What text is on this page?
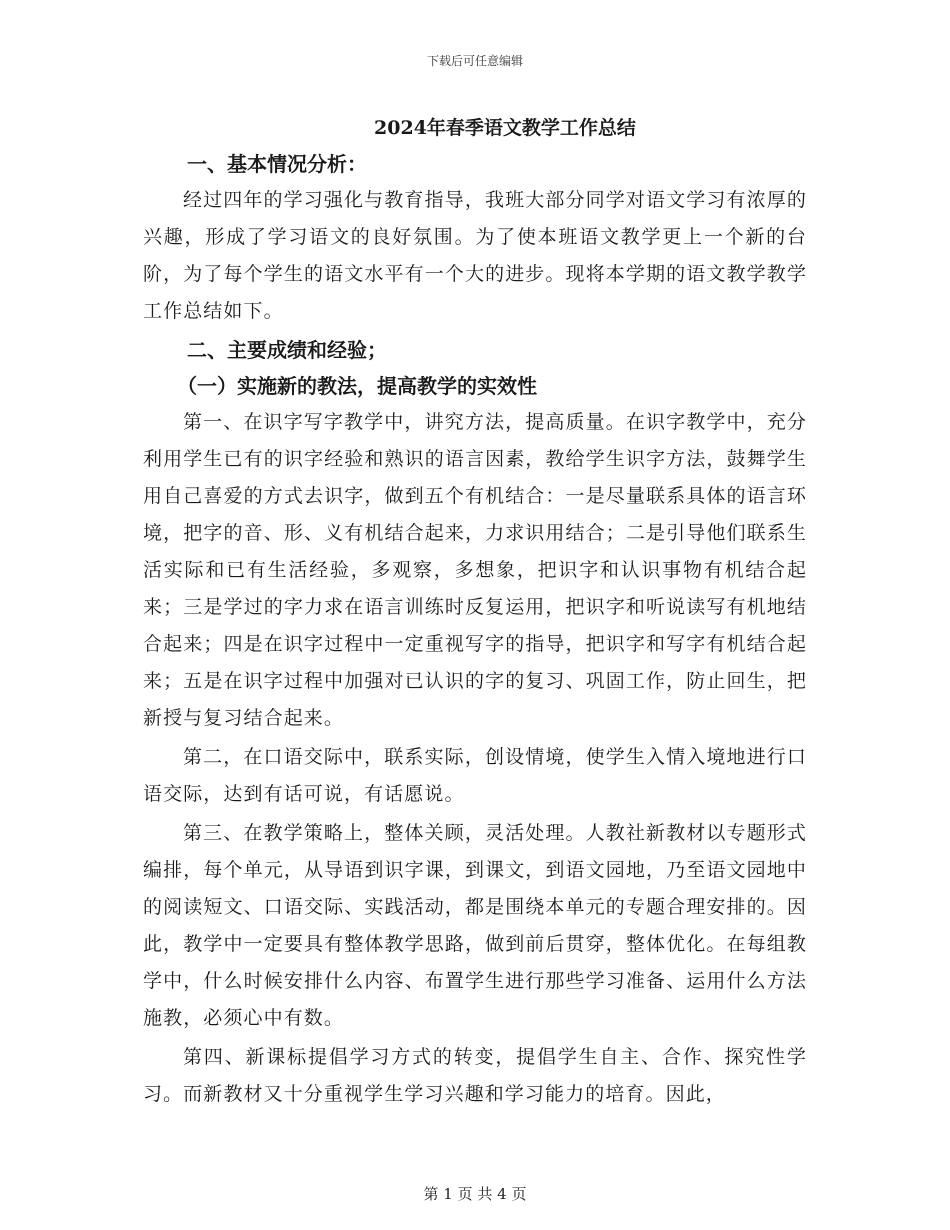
下载后可任意编辑
2024年春季语文教学工作总结
一、基本情况分析：

经过四年的学习强化与教育指导，我班大部分同学对语文学习有浓厚的兴趣，形成了学习语文的良好氛围。为了使本班语文教学更上一个新的台阶，为了每个学生的语文水平有一个大的进步。现将本学期的语文教学教学工作总结如下。

二、主要成绩和经验；
（一）实施新的教法，提高教学的实效性

第一、在识字写字教学中，讲究方法，提高质量。在识字教学中，充分利用学生已有的识字经验和熟识的语言因素，教给学生识字方法，鼓舞学生用自己喜爱的方式去识字，做到五个有机结合：一是尽量联系具体的语言环境，把字的音、形、义有机结合起来，力求识用结合；二是引导他们联系生活实际和已有生活经验，多观察，多想象，把识字和认识事物有机结合起来；三是学过的字力求在语言训练时反复运用，把识字和听说读写有机地结合起来；四是在识字过程中一定重视写字的指导，把识字和写字有机结合起来；五是在识字过程中加强对已认识的字的复习、巩固工作，防止回生，把新授与复习结合起来。

第二，在口语交际中，联系实际，创设情境，使学生入情入境地进行口语交际，达到有话可说，有话愿说。

第三、在教学策略上，整体关顾，灵活处理。人教社新教材以专题形式编排，每个单元，从导语到识字课，到课文，到语文园地，乃至语文园地中的阅读短文、口语交际、实践活动，都是围绕本单元的专题合理安排的。因此，教学中一定要具有整体教学思路，做到前后贯穿，整体优化。在每组教学中，什么时候安排什么内容、布置学生进行那些学习准备、运用什么方法施教，必须心中有数。

第四、新课标提倡学习方式的转变，提倡学生自主、合作、探究性学习。而新教材又十分重视学生学习兴趣和学习能力的培育。因此，

第 1 页 共 4 页
